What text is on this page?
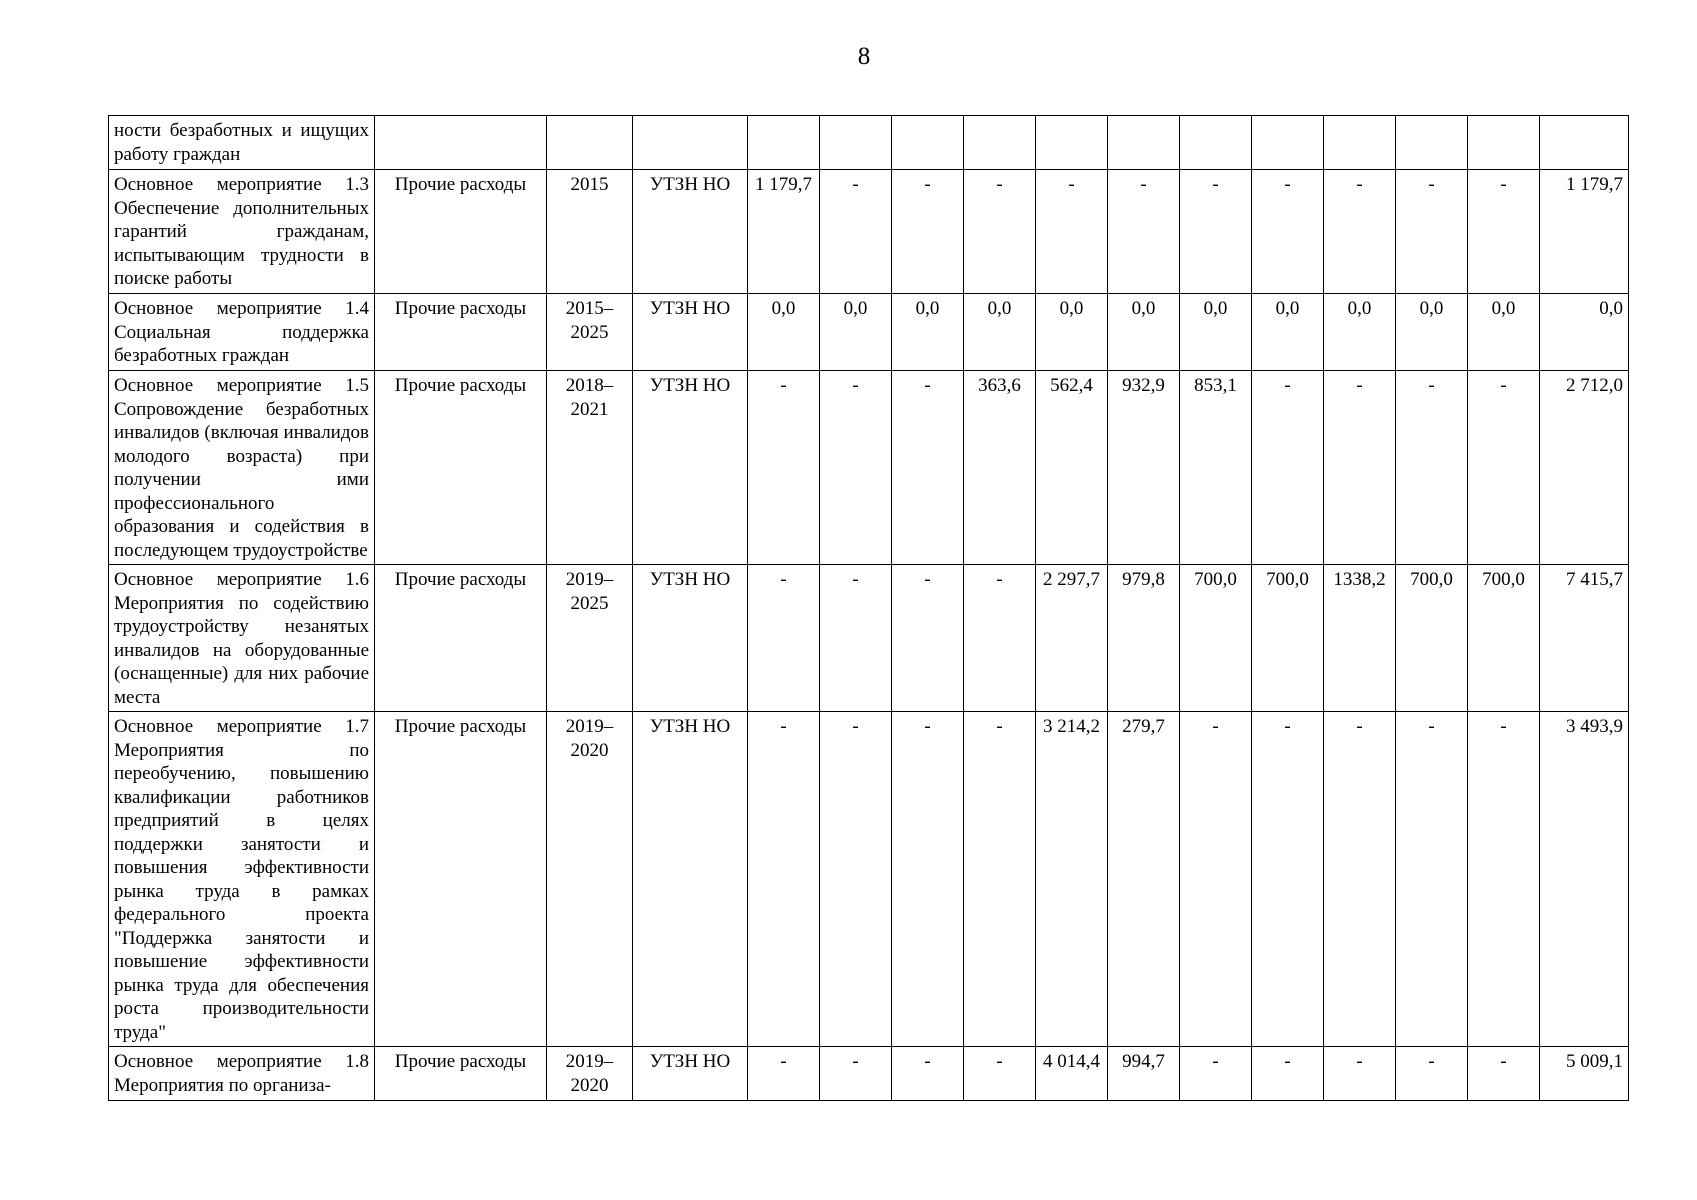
8
ности безработных и ищущих работу граждан															
Основное мероприятие 1.3 Обеспечение дополнительных гарантий гражданам, испытывающим трудности в поиске работы	Прочие расходы	2015	УТЗН НО	1 179,7	-	-	-	-	-	-	-	-	-	-	1 179,7
Основное мероприятие 1.4 Социальная поддержка безработных граждан	Прочие расходы	2015–2025	УТЗН НО	0,0	0,0	0,0	0,0	0,0	0,0	0,0	0,0	0,0	0,0	0,0	0,0
Основное мероприятие 1.5 Сопровождение безработных инвалидов (включая инвалидов молодого возраста) при получении ими профессионального образования и содействия в последующем трудоустройстве	Прочие расходы	2018–2021	УТЗН НО	-	-	-	363,6	562,4	932,9	853,1	-	-	-	-	2 712,0
Основное мероприятие 1.6 Мероприятия по содействию трудоустройству незанятых инвалидов на оборудованные (оснащенные) для них рабочие места	Прочие расходы	2019–2025	УТЗН НО	-	-	-	-	2 297,7	979,8	700,0	700,0	1338,2	700,0	700,0	7 415,7
Основное мероприятие 1.7 Мероприятия по переобучению, повышению квалификации работников предприятий в целях поддержки занятости и повышения эффективности рынка труда в рамках федерального проекта "Поддержка занятости и повышение эффективности рынка труда для обеспечения роста производительности труда"	Прочие расходы	2019–2020	УТЗН НО	-	-	-	-	3 214,2	279,7	-	-	-	-	-	3 493,9
Основное мероприятие 1.8 Мероприятия по организа-	Прочие расходы	2019–2020	УТЗН НО	-	-	-	-	4 014,4	994,7	-	-	-	-	-	5 009,1
